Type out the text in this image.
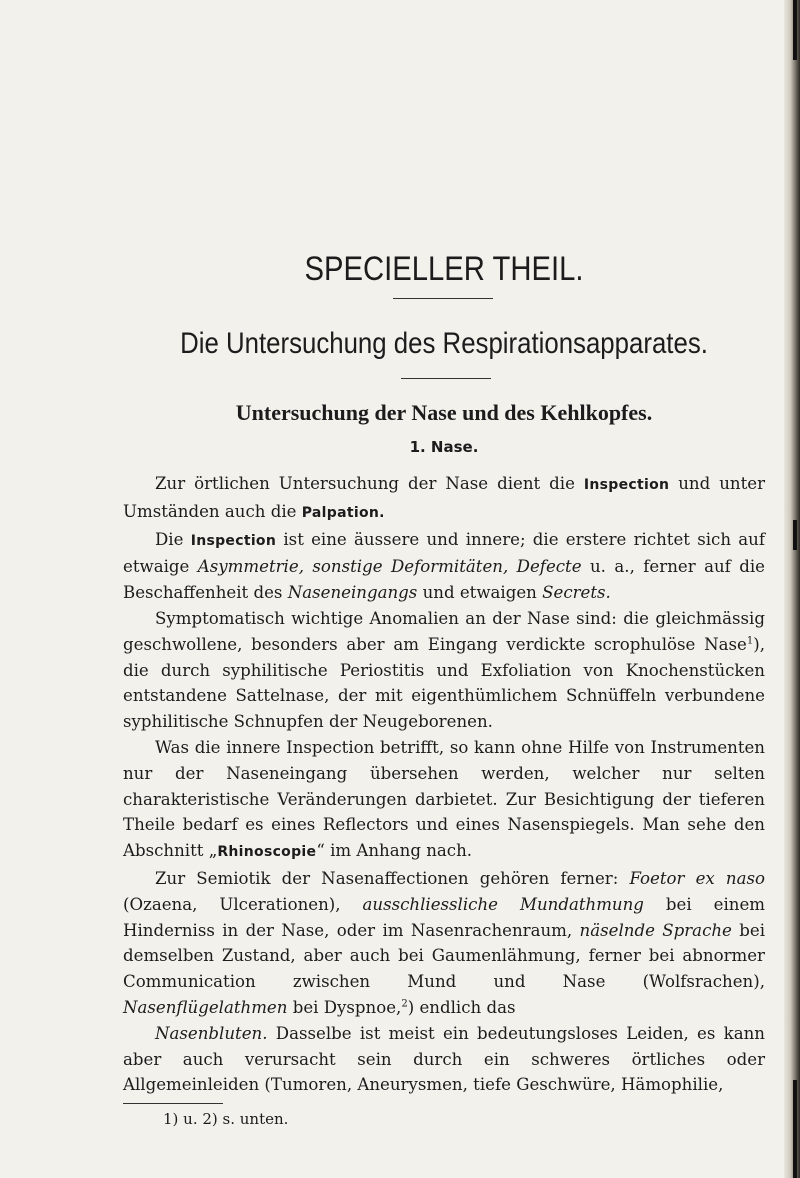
SPECIELLER THEIL.
Die Untersuchung des Respirationsapparates.
Untersuchung der Nase und des Kehlkopfes.
1. Nase.

Zur örtlichen Untersuchung der Nase dient die Inspection und unter Umständen auch die Palpation.

Die Inspection ist eine äussere und innere; die erstere richtet sich auf etwaige Asymmetrie, sonstige Deformitäten, Defecte u. a., ferner auf die Beschaffenheit des Naseneingangs und etwaigen Secrets.

Symptomatisch wichtige Anomalien an der Nase sind: die gleichmässig geschwollene, besonders aber am Eingang verdickte scrophulöse Nase$^1$), die durch syphilitische Periostitis und Exfoliation von Knochenstücken entstandene Sattelnase, der mit eigenthümlichem Schnüffeln verbundene syphilitische Schnupfen der Neugeborenen.

Was die innere Inspection betrifft, so kann ohne Hilfe von Instrumenten nur der Naseneingang übersehen werden, welcher nur selten charakteristische Veränderungen darbietet. Zur Besichtigung der tieferen Theile bedarf es eines Reflectors und eines Nasenspiegels. Man sehe den Abschnitt „Rhinoscopie“ im Anhang nach.

Zur Semiotik der Nasenaffectionen gehören ferner: Foetor ex naso (Ozaena, Ulcerationen), ausschliessliche Mundathmung bei einem Hinderniss in der Nase, oder im Nasenrachenraum, näselnde Sprache bei demselben Zustand, aber auch bei Gaumenlähmung, ferner bei abnormer Communication zwischen Mund und Nase (Wolfsrachen), Nasenflügelathmen bei Dyspnoe,$^2$) endlich das

Nasenbluten. Dasselbe ist meist ein bedeutungsloses Leiden, es kann aber auch verursacht sein durch ein schweres örtliches oder Allgemeinleiden (Tumoren, Aneurysmen, tiefe Geschwüre, Hämophilie,

1) u. 2) s. unten.
